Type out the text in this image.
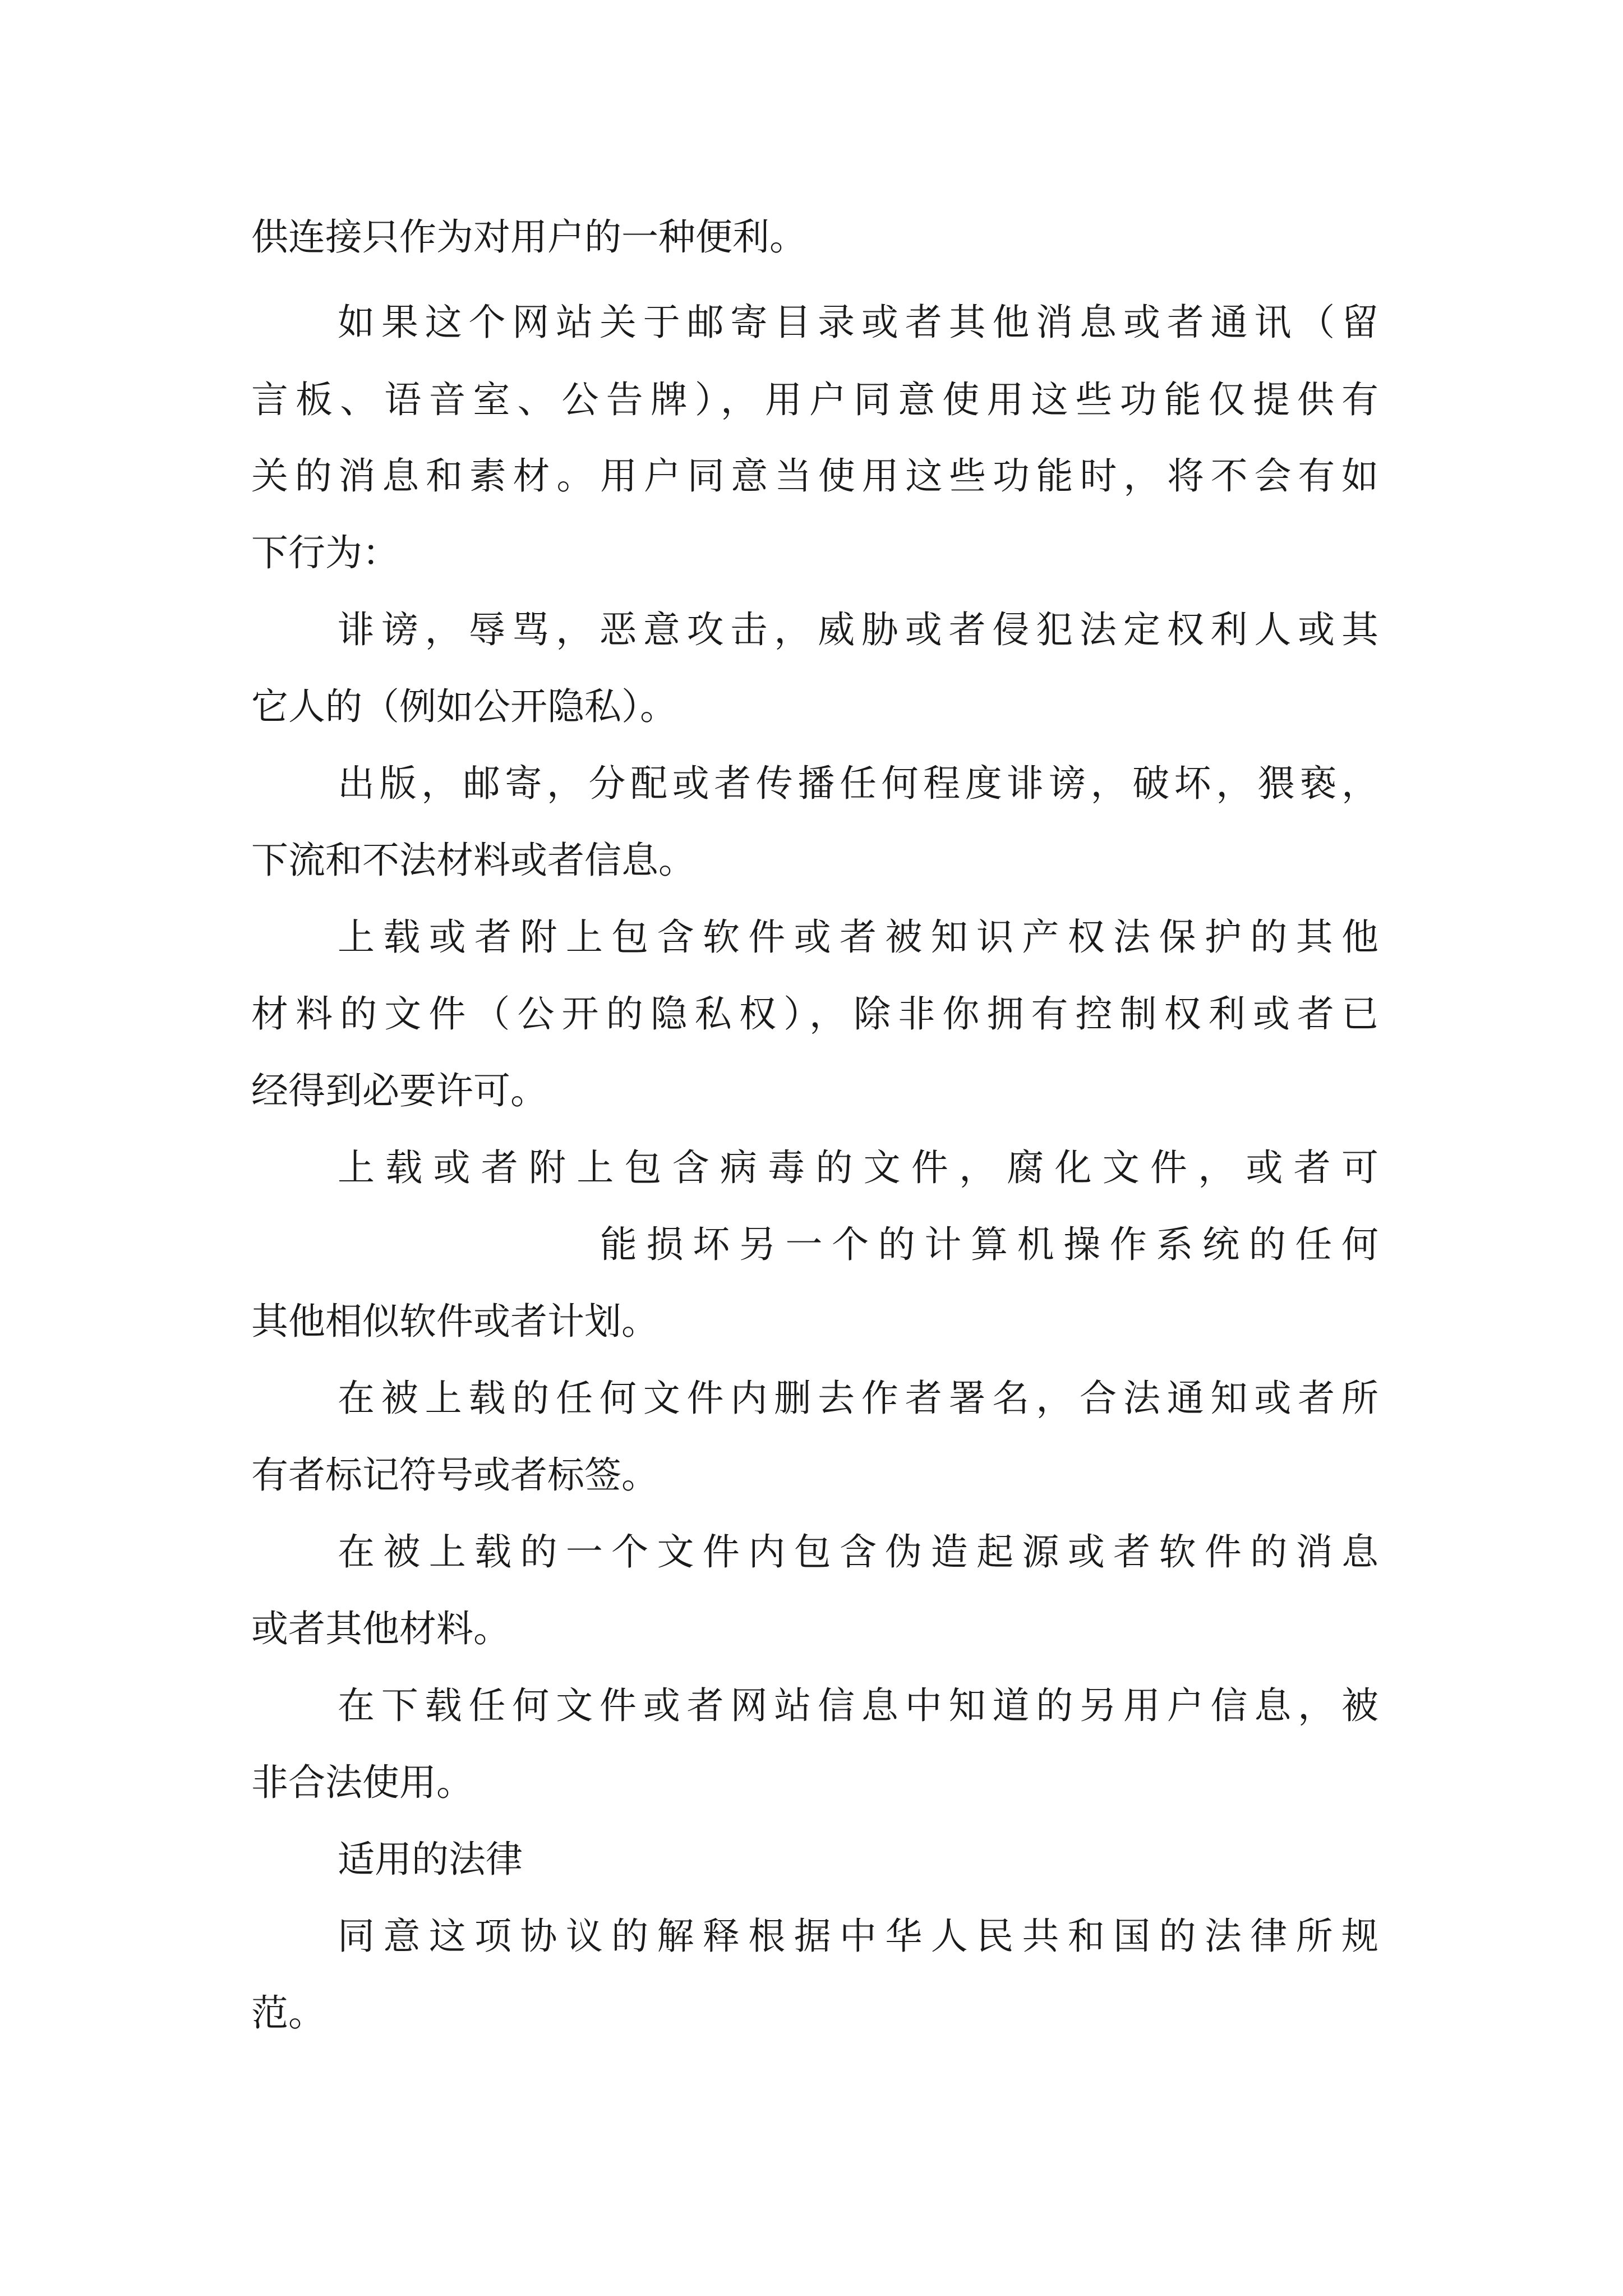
供连接只作为对用户的一种便利。
如果这个网站关于邮寄目录或者其他消息或者通讯（留
言板、语音室、公告牌），用户同意使用这些功能仅提供有
关的消息和素材。用户同意当使用这些功能时，将不会有如
下行为：
诽谤，辱骂，恶意攻击，威胁或者侵犯法定权利人或其
它人的（例如公开隐私）。
出版，邮寄，分配或者传播任何程度诽谤，破坏，猥亵，
下流和不法材料或者信息。
上载或者附上包含软件或者被知识产权法保护的其他
材料的文件（公开的隐私权），除非你拥有控制权利或者已
经得到必要许可。
上载或者附上包含病毒的文件，腐化文件，或者可
能损坏另一个的计算机操作系统的任何
其他相似软件或者计划。
在被上载的任何文件内删去作者署名，合法通知或者所
有者标记符号或者标签。
在被上载的一个文件内包含伪造起源或者软件的消息
或者其他材料。
在下载任何文件或者网站信息中知道的另用户信息，被
非合法使用。
适用的法律
同意这项协议的解释根据中华人民共和国的法律所规
范。
